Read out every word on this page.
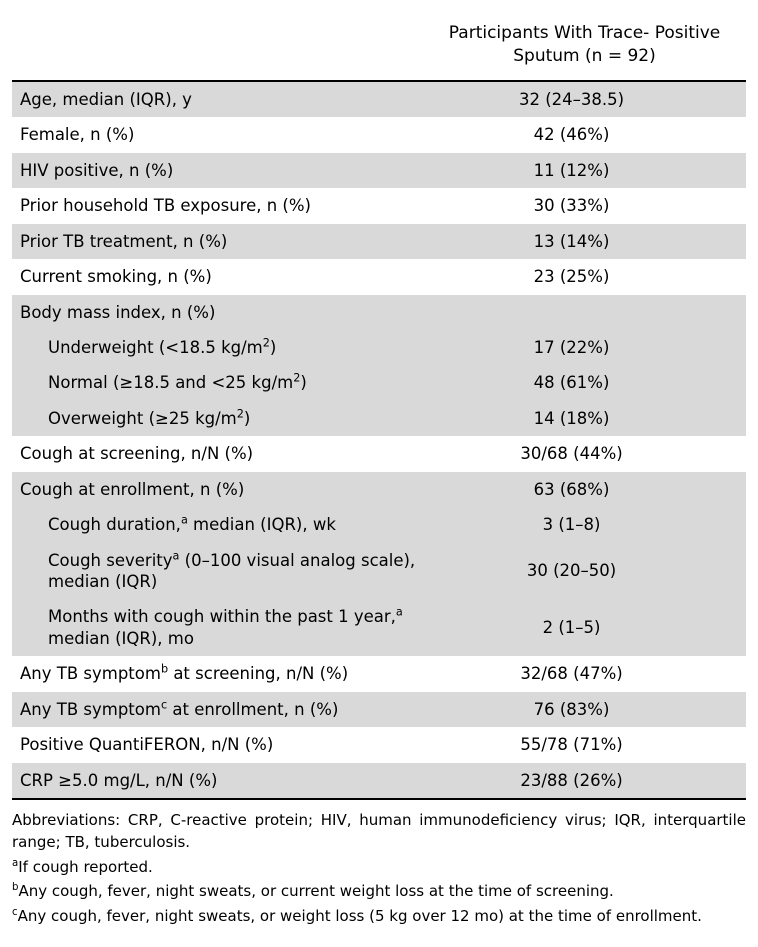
	Participants With Trace- Positive Sputum (n = 92)

Age, median (IQR), y	32 (24–38.5)
Female, n (%)	42 (46%)
HIV positive, n (%)	11 (12%)
Prior household TB exposure, n (%)	30 (33%)
Prior TB treatment, n (%)	13 (14%)
Current smoking, n (%)	23 (25%)
Body mass index, n (%)	
Underweight (<18.5 $kg/m^2$)	17 (22%)
Normal (≥18.5 and <25 $kg/m^2$)	48 (61%)
Overweight (≥25 $kg/m^2$)	14 (18%)
Cough at screening, n/N (%)	30/68 (44%)
Cough at enrollment, n (%)	63 (68%)
Cough duration,$^a$ median (IQR), wk	3 (1–8)
Cough severity$^a$ (0–100 visual analog scale), median (IQR)	30 (20–50)
Months with cough within the past 1 year,$^a$ median (IQR), mo	2 (1–5)
Any TB symptom$^b$ at screening, n/N (%)	32/68 (47%)
Any TB symptom$^c$ at enrollment, n (%)	76 (83%)
Positive QuantiFERON, n/N (%)	55/78 (71%)
CRP ≥5.0 mg/L, n/N (%)	23/88 (26%)

Abbreviations: CRP, C-reactive protein; HIV, human immunodeficiency virus; IQR, interquartile range; TB, tuberculosis.

$^a$If cough reported.

$^b$Any cough, fever, night sweats, or current weight loss at the time of screening.

$^c$Any cough, fever, night sweats, or weight loss (5 kg over 12 mo) at the time of enrollment.
